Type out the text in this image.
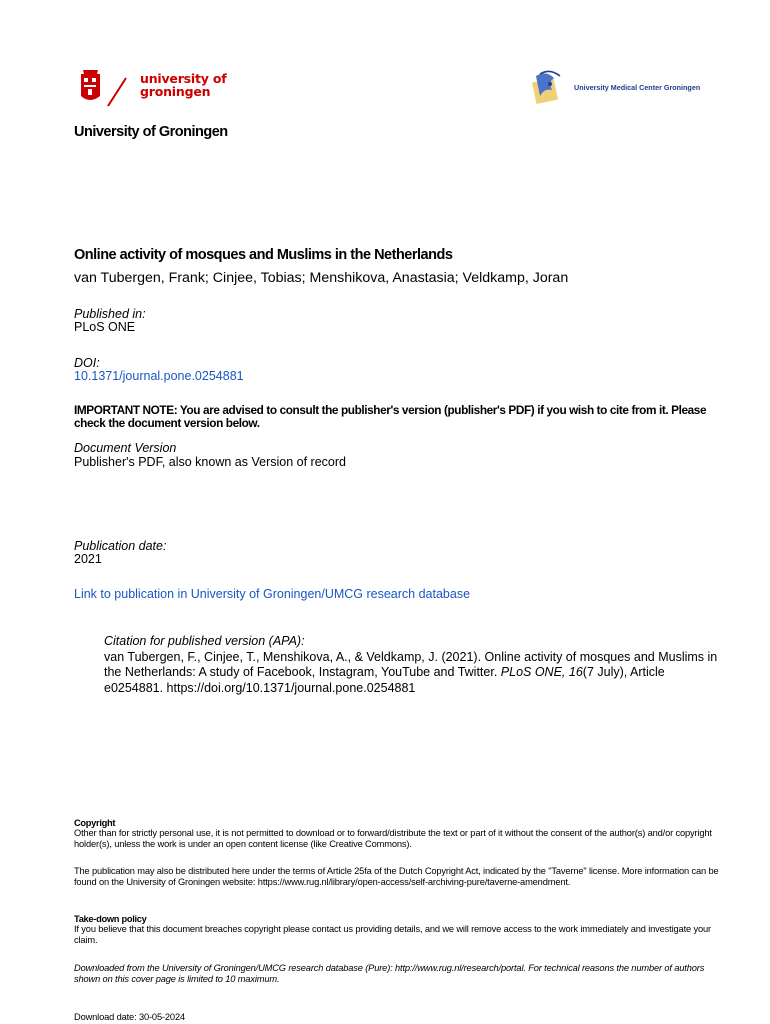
university of
groningen	University Medical Center Groningen
University of Groningen
Online activity of mosques and Muslims in the Netherlands
van Tubergen, Frank; Cinjee, Tobias; Menshikova, Anastasia; Veldkamp, Joran
Published in:
PLoS ONE
DOI:
10.1371/journal.pone.0254881
IMPORTANT NOTE: You are advised to consult the publisher's version (publisher's PDF) if you wish to cite from it. Please check the document version below.
Document Version
Publisher's PDF, also known as Version of record
Publication date:
2021
Link to publication in University of Groningen/UMCG research database
Citation for published version (APA):
van Tubergen, F., Cinjee, T., Menshikova, A., & Veldkamp, J. (2021). Online activity of mosques and Muslims in the Netherlands: A study of Facebook, Instagram, YouTube and Twitter. PLoS ONE, 16(7 July), Article e0254881. https://doi.org/10.1371/journal.pone.0254881
Copyright
Other than for strictly personal use, it is not permitted to download or to forward/distribute the text or part of it without the consent of the author(s) and/or copyright holder(s), unless the work is under an open content license (like Creative Commons).
The publication may also be distributed here under the terms of Article 25fa of the Dutch Copyright Act, indicated by the "Taverne" license. More information can be found on the University of Groningen website: https://www.rug.nl/library/open-access/self-archiving-pure/taverne-amendment.
Take-down policy
If you believe that this document breaches copyright please contact us providing details, and we will remove access to the work immediately and investigate your claim.
Downloaded from the University of Groningen/UMCG research database (Pure): http://www.rug.nl/research/portal. For technical reasons the number of authors shown on this cover page is limited to 10 maximum.
Download date: 30-05-2024
